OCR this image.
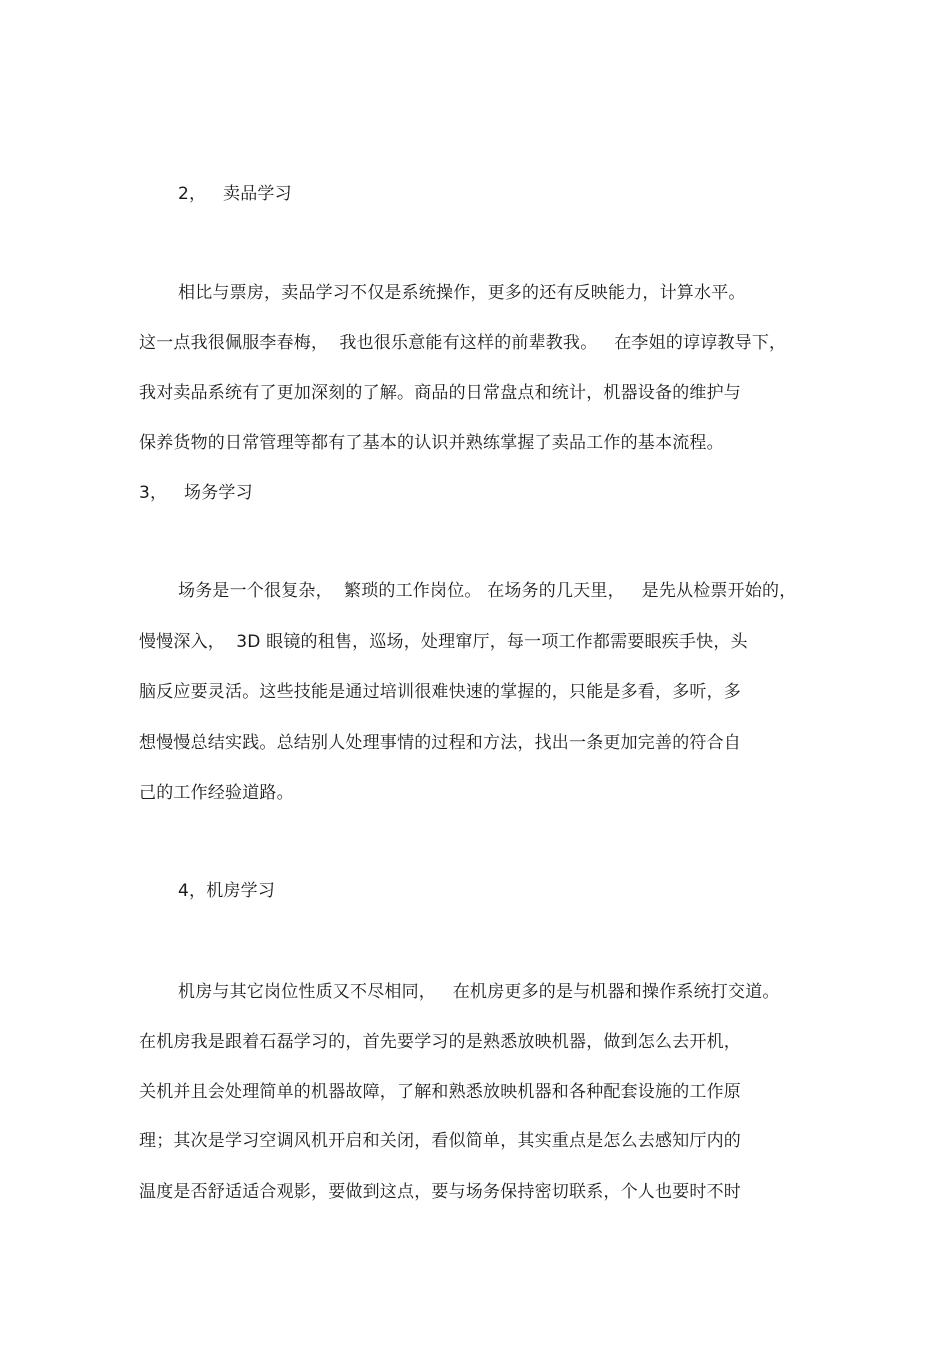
2，   卖品学习
相比与票房，卖品学习不仅是系统操作，更多的还有反映能力，计算水平。
这一点我很佩服李春梅，  我也很乐意能有这样的前辈教我。   在李姐的谆谆教导下，
我对卖品系统有了更加深刻的了解。商品的日常盘点和统计，机器设备的维护与
保养货物的日常管理等都有了基本的认识并熟练掌握了卖品工作的基本流程。
3，   场务学习
场务是一个很复杂，  繁琐的工作岗位。 在场务的几天里，   是先从检票开始的，
慢慢深入，  3D 眼镜的租售，巡场，处理窜厅，每一项工作都需要眼疾手快，头
脑反应要灵活。这些技能是通过培训很难快速的掌握的，只能是多看，多听，多
想慢慢总结实践。总结别人处理事情的过程和方法，找出一条更加完善的符合自
己的工作经验道路。
4，机房学习
机房与其它岗位性质又不尽相同，   在机房更多的是与机器和操作系统打交道。
在机房我是跟着石磊学习的，首先要学习的是熟悉放映机器，做到怎么去开机，
关机并且会处理简单的机器故障，了解和熟悉放映机器和各种配套设施的工作原
理；其次是学习空调风机开启和关闭，看似简单，其实重点是怎么去感知厅内的
温度是否舒适适合观影，要做到这点，要与场务保持密切联系，个人也要时不时
